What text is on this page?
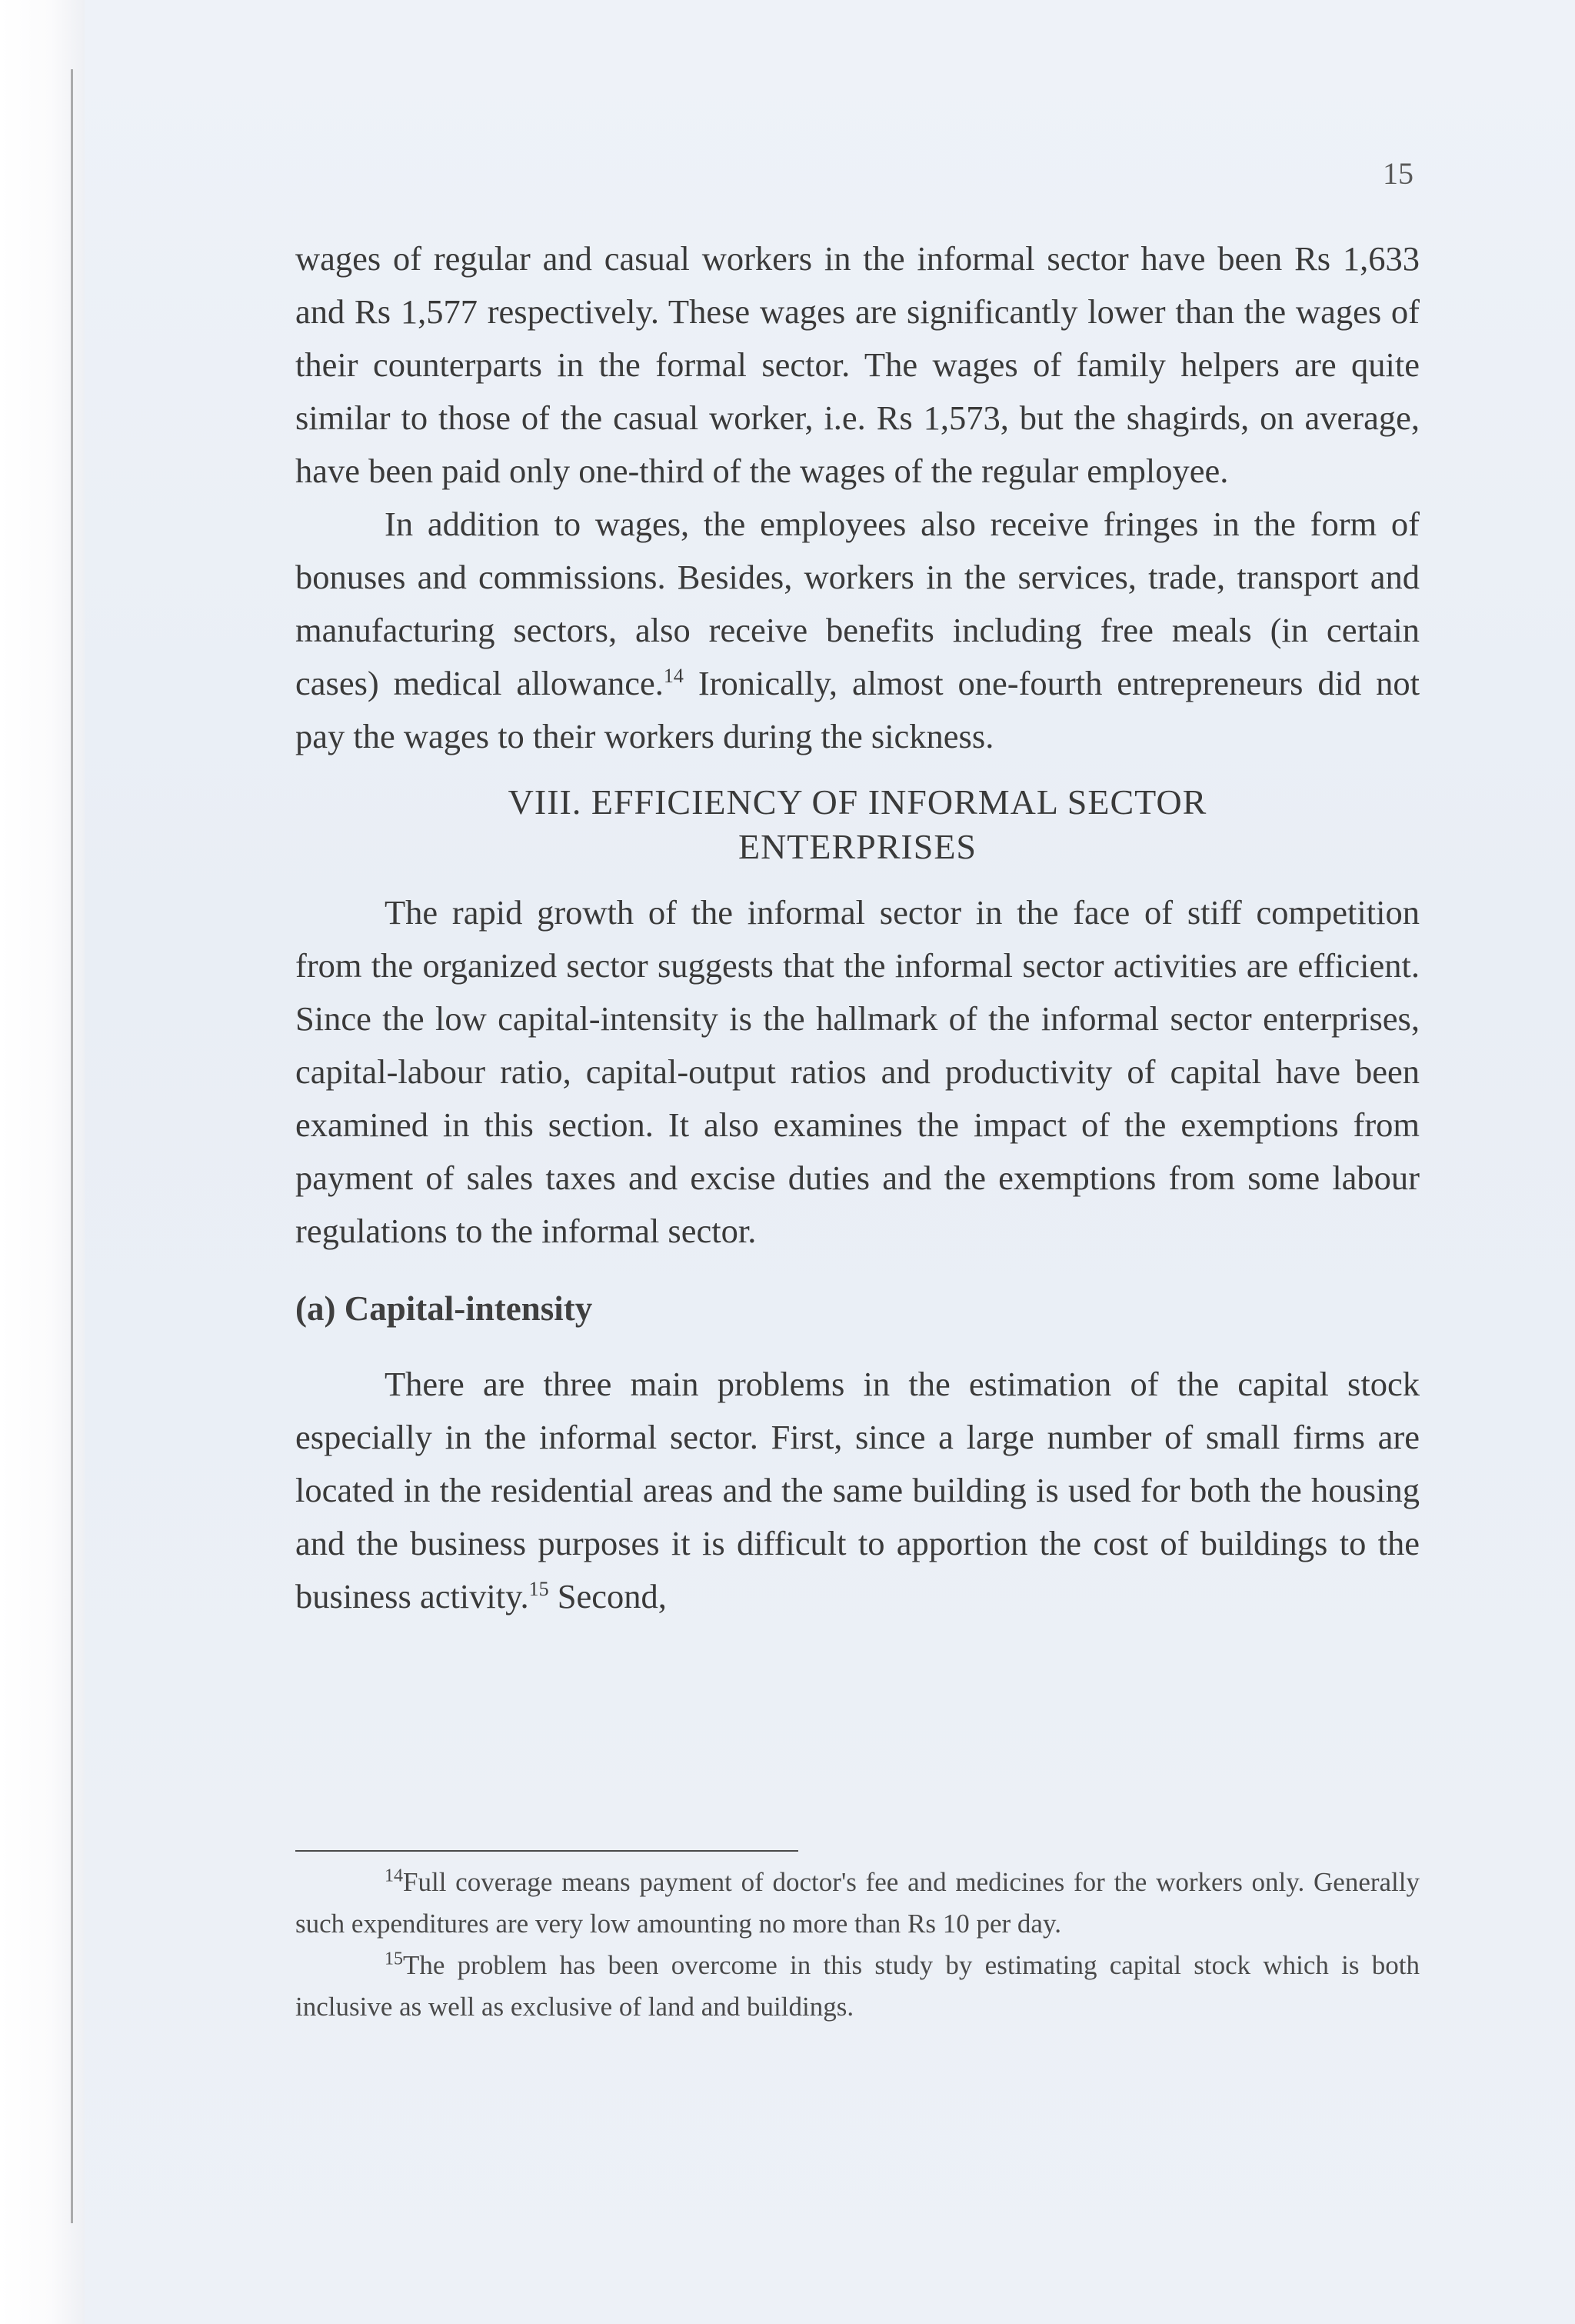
15

wages of regular and casual workers in the informal sector have been Rs 1,633 and Rs 1,577 respectively. These wages are significantly lower than the wages of their counterparts in the formal sector. The wages of family helpers are quite similar to those of the casual worker, i.e. Rs 1,573, but the shagirds, on average, have been paid only one-third of the wages of the regular employee.

In addition to wages, the employees also receive fringes in the form of bonuses and commissions. Besides, workers in the services, trade, transport and manufacturing sectors, also receive benefits including free meals (in certain cases) medical allowance.$^{14}$ Ironically, almost one-fourth entrepreneurs did not pay the wages to their workers during the sickness.

VIII. EFFICIENCY OF INFORMAL SECTOR
ENTERPRISES

The rapid growth of the informal sector in the face of stiff competition from the organized sector suggests that the informal sector activities are efficient. Since the low capital-intensity is the hallmark of the informal sector enterprises, capital-labour ratio, capital-output ratios and productivity of capital have been examined in this section. It also examines the impact of the exemptions from payment of sales taxes and excise duties and the exemptions from some labour regulations to the informal sector.

(a) Capital-intensity

There are three main problems in the estimation of the capital stock especially in the informal sector. First, since a large number of small firms are located in the residential areas and the same building is used for both the housing and the business purposes it is difficult to apportion the cost of buildings to the business activity.$^{15}$ Second,

$^{14}$Full coverage means payment of doctor's fee and medicines for the workers only. Generally such expenditures are very low amounting no more than Rs 10 per day.

$^{15}$The problem has been overcome in this study by estimating capital stock which is both inclusive as well as exclusive of land and buildings.
